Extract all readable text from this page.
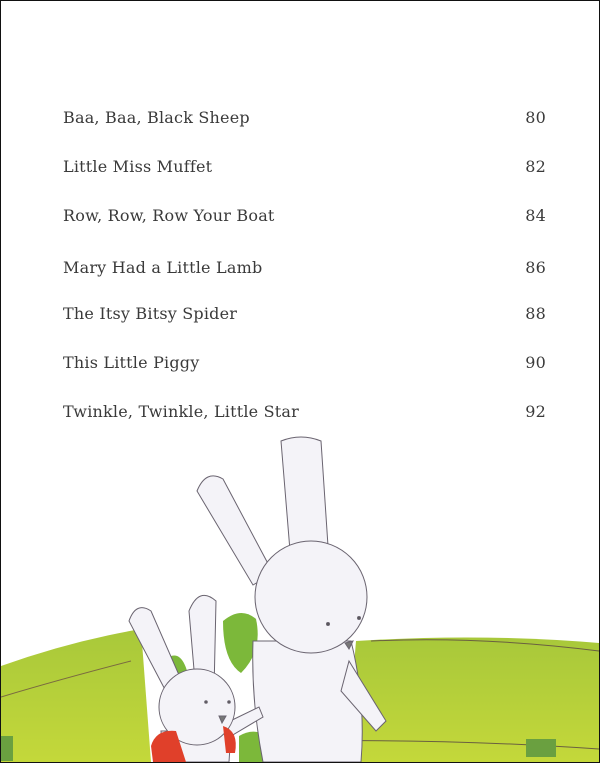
Baa, Baa, Black Sheep	80
Little Miss Muffet	82
Row, Row, Row Your Boat	84
Mary Had a Little Lamb	86
The Itsy Bitsy Spider	88
This Little Piggy	90
Twinkle, Twinkle, Little Star	92
